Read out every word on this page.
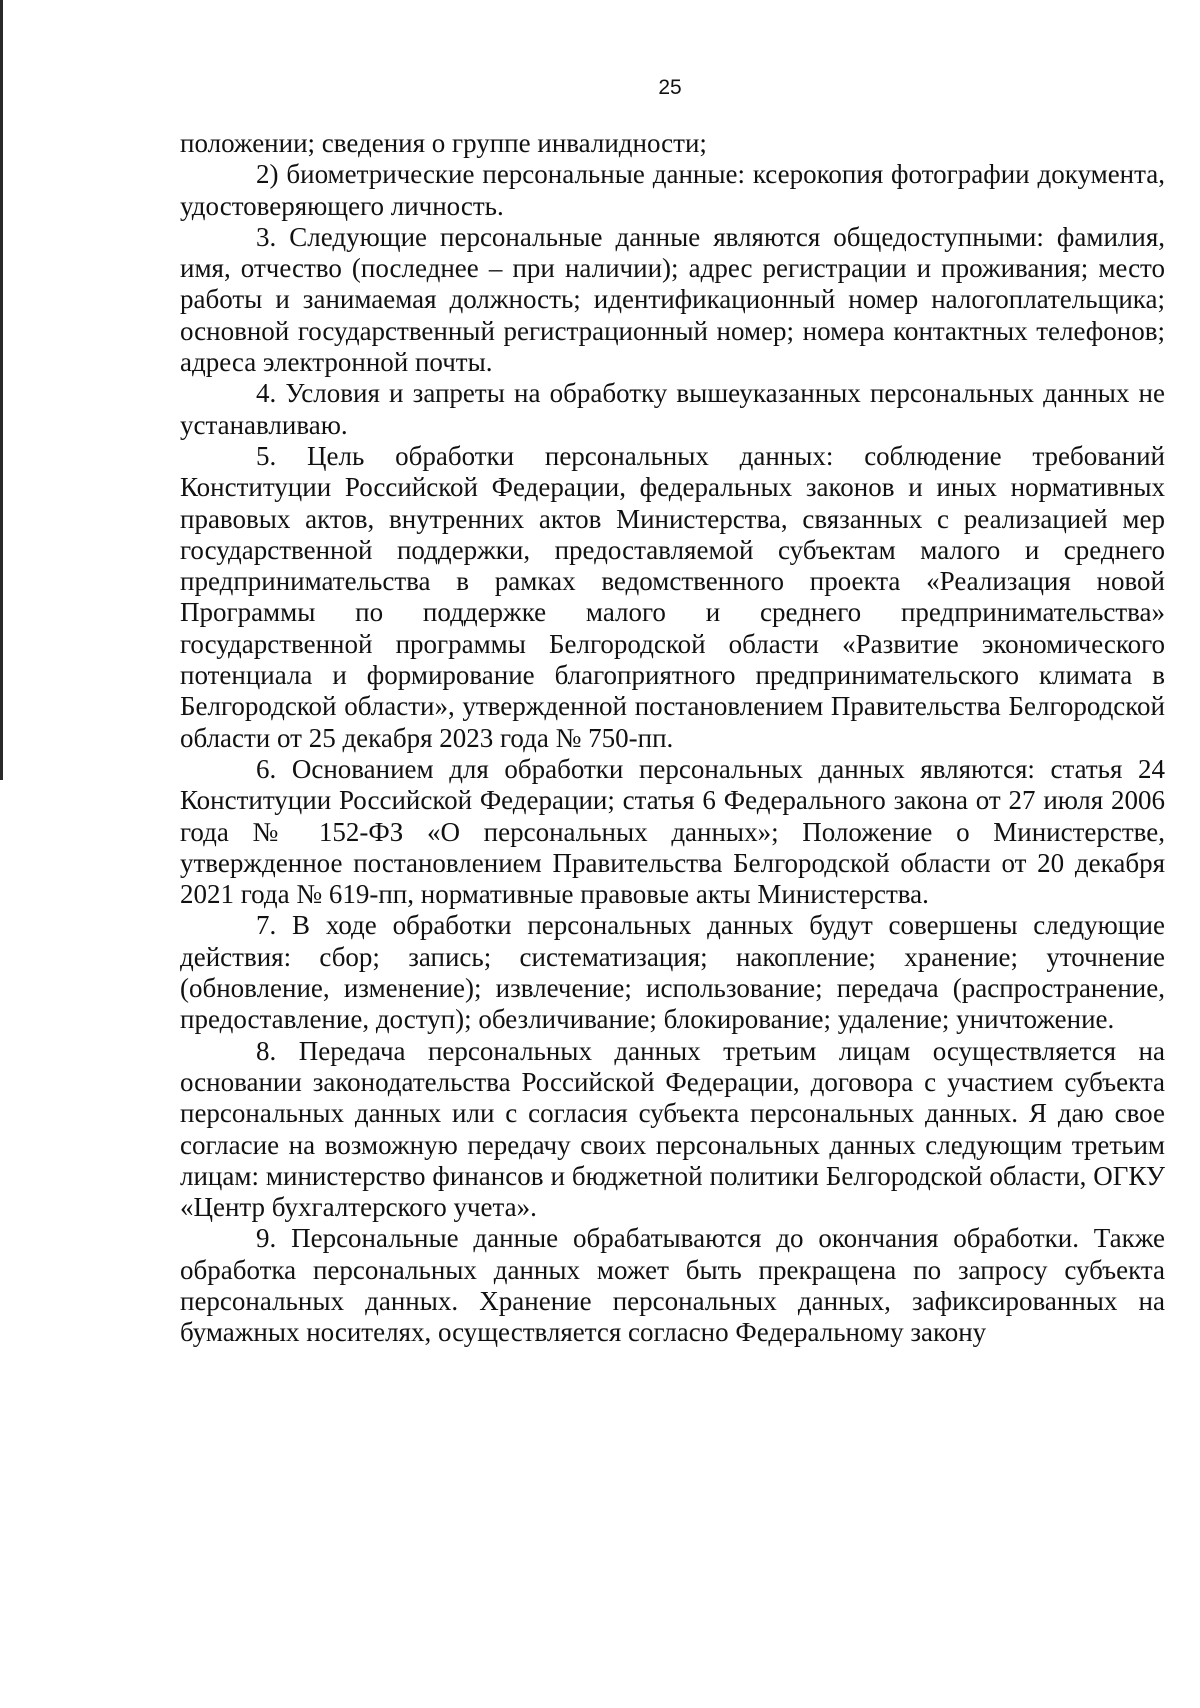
25

положении; сведения о группе инвалидности;

2) биометрические персональные данные: ксерокопия фотографии документа, удостоверяющего личность.

3. Следующие персональные данные являются общедоступными: фамилия, имя, отчество (последнее – при наличии); адрес регистрации и проживания; место работы и занимаемая должность; идентификационный номер налогоплательщика; основной государственный регистрационный номер; номера контактных телефонов; адреса электронной почты.

4. Условия и запреты на обработку вышеуказанных персональных данных не устанавливаю.

5. Цель обработки персональных данных: соблюдение требований Конституции Российской Федерации, федеральных законов и иных нормативных правовых актов, внутренних актов Министерства, связанных с реализацией мер государственной поддержки, предоставляемой субъектам малого и среднего предпринимательства в рамках ведомственного проекта «Реализация новой Программы по поддержке малого и среднего предпринимательства» государственной программы Белгородской области «Развитие экономического потенциала и формирование благоприятного предпринимательского климата в Белгородской области», утвержденной постановлением Правительства Белгородской области от 25 декабря 2023 года № 750-пп.

6. Основанием для обработки персональных данных являются: статья 24 Конституции Российской Федерации; статья 6 Федерального закона от 27 июля 2006 года № 152-ФЗ «О персональных данных»; Положение о Министерстве, утвержденное постановлением Правительства Белгородской области от 20 декабря 2021 года № 619-пп, нормативные правовые акты Министерства.

7. В ходе обработки персональных данных будут совершены следующие действия: сбор; запись; систематизация; накопление; хранение; уточнение (обновление, изменение); извлечение; использование; передача (распространение, предоставление, доступ); обезличивание; блокирование; удаление; уничтожение.

8. Передача персональных данных третьим лицам осуществляется на основании законодательства Российской Федерации, договора с участием субъекта персональных данных или с согласия субъекта персональных данных. Я даю свое согласие на возможную передачу своих персональных данных следующим третьим лицам: министерство финансов и бюджетной политики Белгородской области, ОГКУ «Центр бухгалтерского учета».

9. Персональные данные обрабатываются до окончания обработки. Также обработка персональных данных может быть прекращена по запросу субъекта персональных данных. Хранение персональных данных, зафиксированных на бумажных носителях, осуществляется согласно Федеральному закону
